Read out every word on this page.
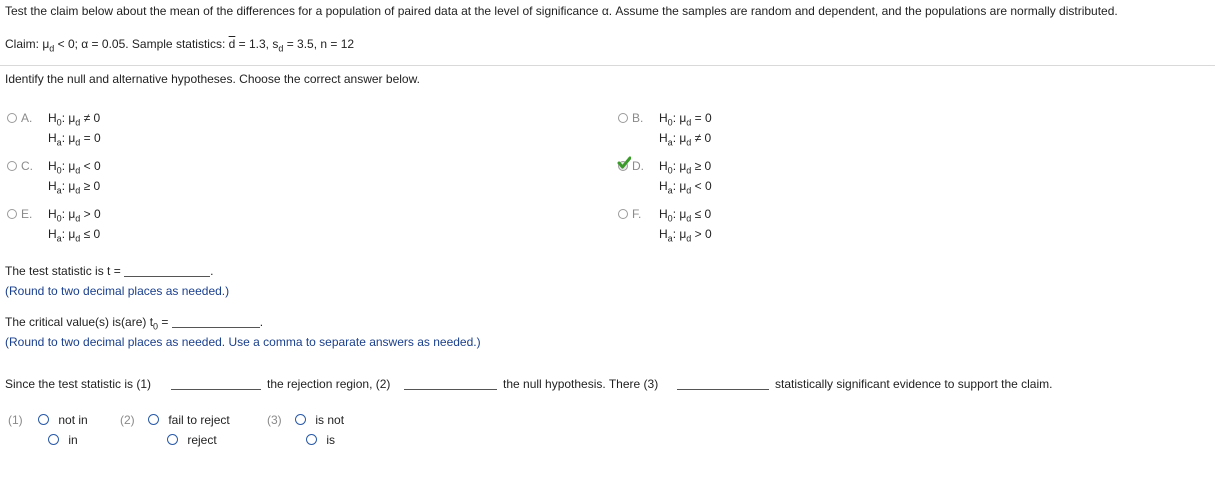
Test the claim below about the mean of the differences for a population of paired data at the level of significance α. Assume the samples are random and dependent, and the populations are normally distributed.
Claim: $\mu_d < 0$; α = 0.05. Sample statistics: $\overline{d} = 1.3$, $s_d = 3.5$, n = 12
Identify the null and alternative hypotheses. Choose the correct answer below.
A. $H_0$: $\mu_d \ne 0$
$H_a$: $\mu_d = 0$
B. $H_0$: $\mu_d = 0$
$H_a$: $\mu_d \ne 0$
C. $H_0$: $\mu_d < 0$
$H_a$: $\mu_d \ge 0$
D. $H_0$: $\mu_d \ge 0$
$H_a$: $\mu_d < 0$
E. $H_0$: $\mu_d > 0$
$H_a$: $\mu_d \le 0$
F. $H_0$: $\mu_d \le 0$
$H_a$: $\mu_d > 0$
The test statistic is t =	.
(Round to two decimal places as needed.)
The critical value(s) is(are) $t_0$ =	.
(Round to two decimal places as needed. Use a comma to separate answers as needed.)
Since the test statistic is (1)	the rejection region, (2)	the null hypothesis. There (3)	statistically significant evidence to support the claim.
(1)	not in
in
(2)	fail to reject
reject
(3)	is not
is
